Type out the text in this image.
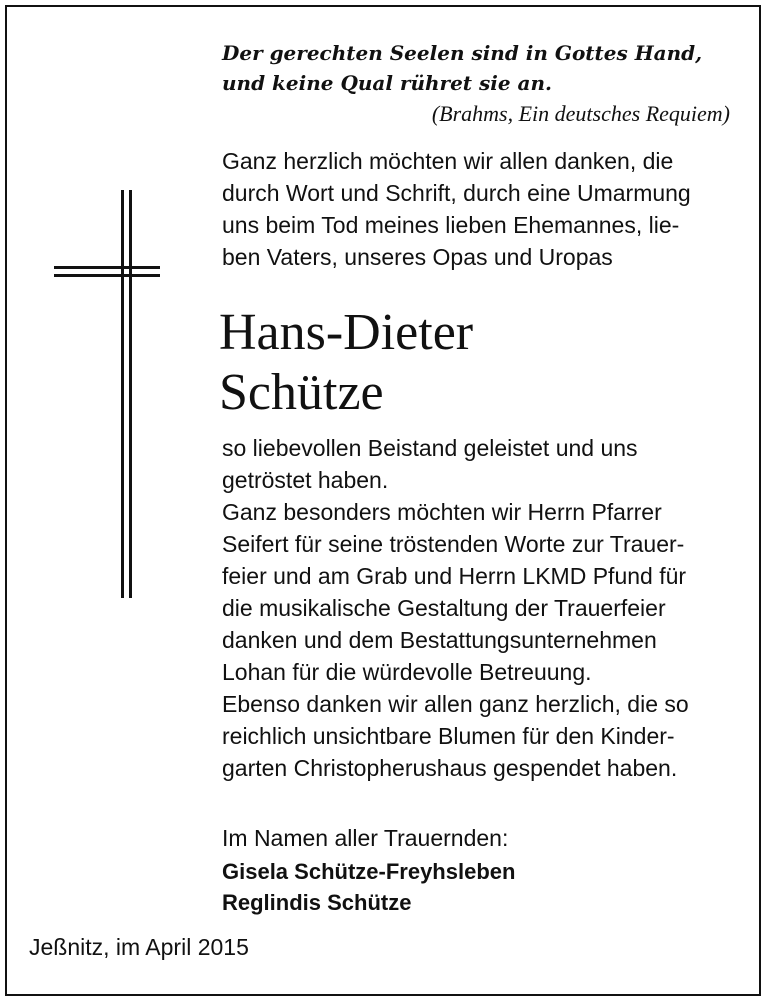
Der gerechten Seelen sind in Gottes Hand,
und keine Qual rühret sie an.
(Brahms, Ein deutsches Requiem)
Ganz herzlich möchten wir allen danken, die
durch Wort und Schrift, durch eine Umarmung
uns beim Tod meines lieben Ehemannes, lie-
ben Vaters, unseres Opas und Uropas
Hans-Dieter
Schütze
so liebevollen Beistand geleistet und uns
getröstet haben.
Ganz besonders möchten wir Herrn Pfarrer
Seifert für seine tröstenden Worte zur Trauer-
feier und am Grab und Herrn LKMD Pfund für
die musikalische Gestaltung der Trauerfeier
danken und dem Bestattungsunternehmen
Lohan für die würdevolle Betreuung.
Ebenso danken wir allen ganz herzlich, die so
reichlich unsichtbare Blumen für den Kinder-
garten Christopherushaus gespendet haben.
Im Namen aller Trauernden:
Gisela Schütze-Freyhsleben
Reglindis Schütze
Jeßnitz, im April 2015
